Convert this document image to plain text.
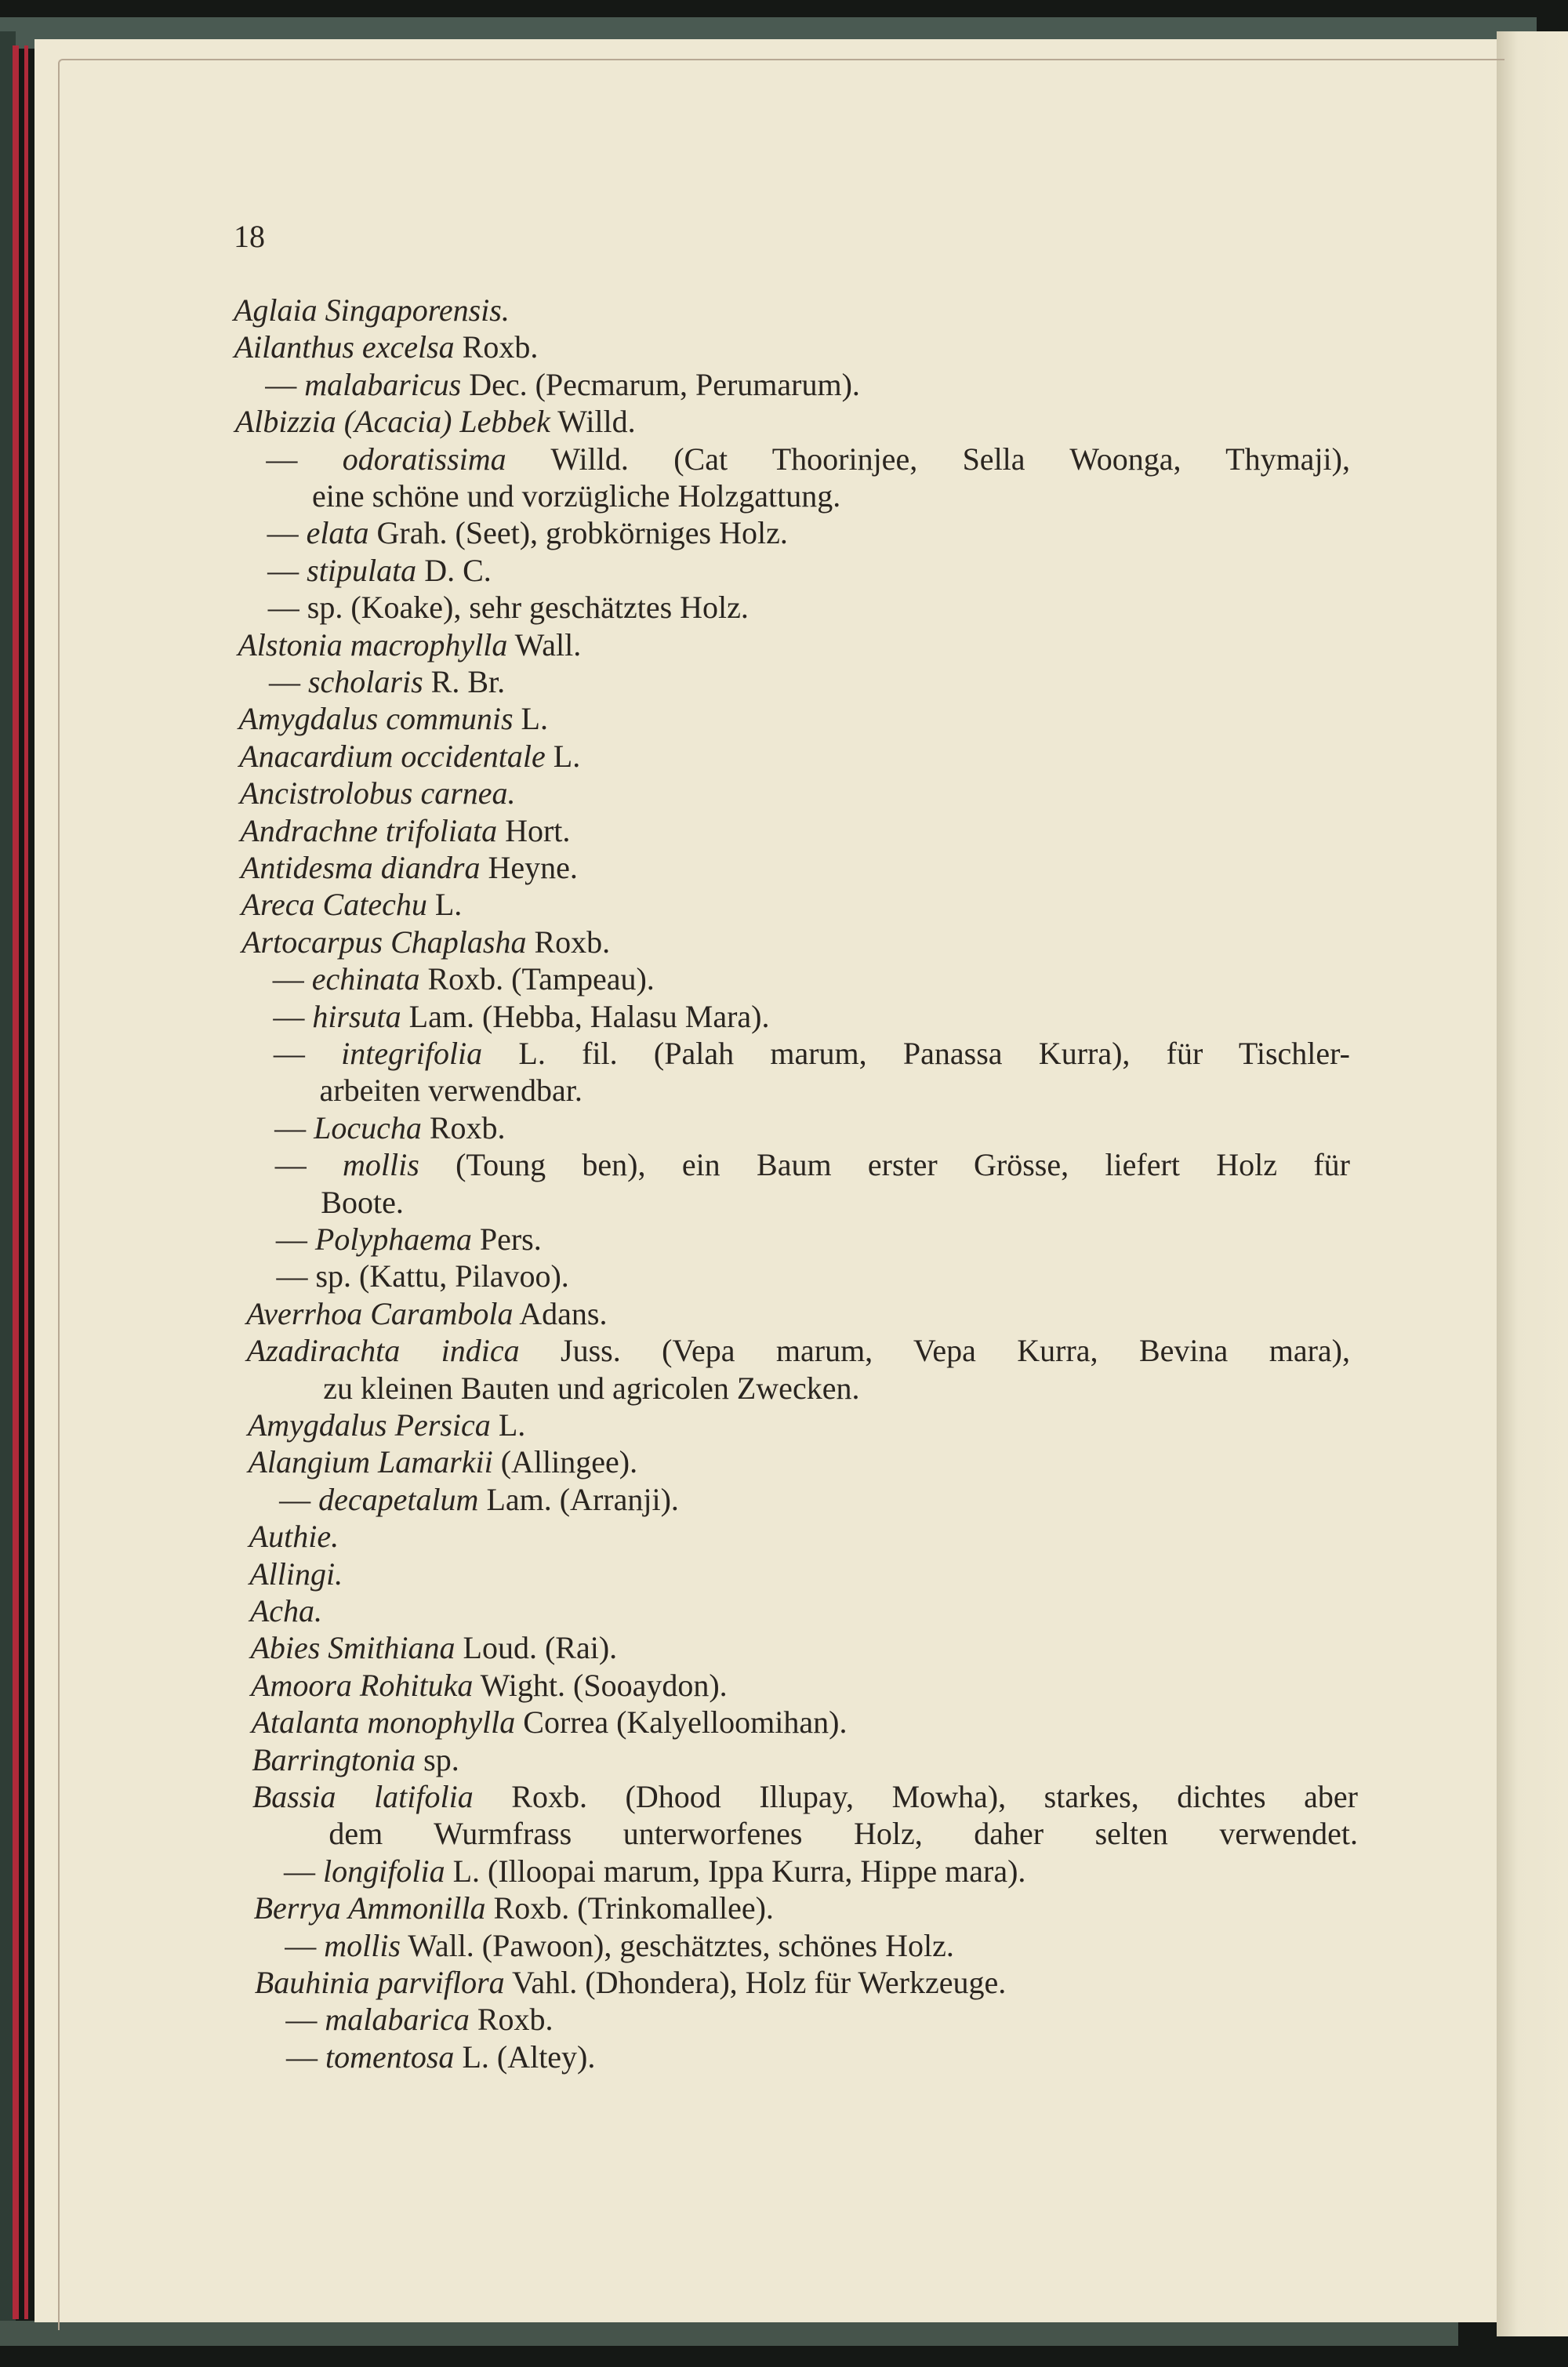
18
Aglaia Singaporensis.
Ailanthus excelsa Roxb.
— malabaricus Dec. (Pecmarum, Perumarum).
Albizzia (Acacia) Lebbek Willd.
— odoratissima Willd. (Cat Thoorinjee, Sella Woonga, Thymaji),
eine schöne und vorzügliche Holzgattung.
— elata Grah. (Seet), grobkörniges Holz.
— stipulata D. C.
— sp. (Koake), sehr geschätztes Holz.
Alstonia macrophylla Wall.
— scholaris R. Br.
Amygdalus communis L.
Anacardium occidentale L.
Ancistrolobus carnea.
Andrachne trifoliata Hort.
Antidesma diandra Heyne.
Areca Catechu L.
Artocarpus Chaplasha Roxb.
— echinata Roxb. (Tampeau).
— hirsuta Lam. (Hebba, Halasu Mara).
— integrifolia L. fil. (Palah marum, Panassa Kurra), für Tischler-
arbeiten verwendbar.
— Locucha Roxb.
— mollis (Toung ben), ein Baum erster Grösse, liefert Holz für
Boote.
— Polyphaema Pers.
— sp. (Kattu, Pilavoo).
Averrhoa Carambola Adans.
Azadirachta indica Juss. (Vepa marum, Vepa Kurra, Bevina mara),
zu kleinen Bauten und agricolen Zwecken.
Amygdalus Persica L.
Alangium Lamarkii (Allingee).
— decapetalum Lam. (Arranji).
Authie.
Allingi.
Acha.
Abies Smithiana Loud. (Rai).
Amoora Rohituka Wight. (Sooaydon).
Atalanta monophylla Correa (Kalyelloomihan).
Barringtonia sp.
Bassia latifolia Roxb. (Dhood Illupay, Mowha), starkes, dichtes aber
dem Wurmfrass unterworfenes Holz, daher selten verwendet.
— longifolia L. (Illoopai marum, Ippa Kurra, Hippe mara).
Berrya Ammonilla Roxb. (Trinkomallee).
— mollis Wall. (Pawoon), geschätztes, schönes Holz.
Bauhinia parviflora Vahl. (Dhondera), Holz für Werkzeuge.
— malabarica Roxb.
— tomentosa L. (Altey).
